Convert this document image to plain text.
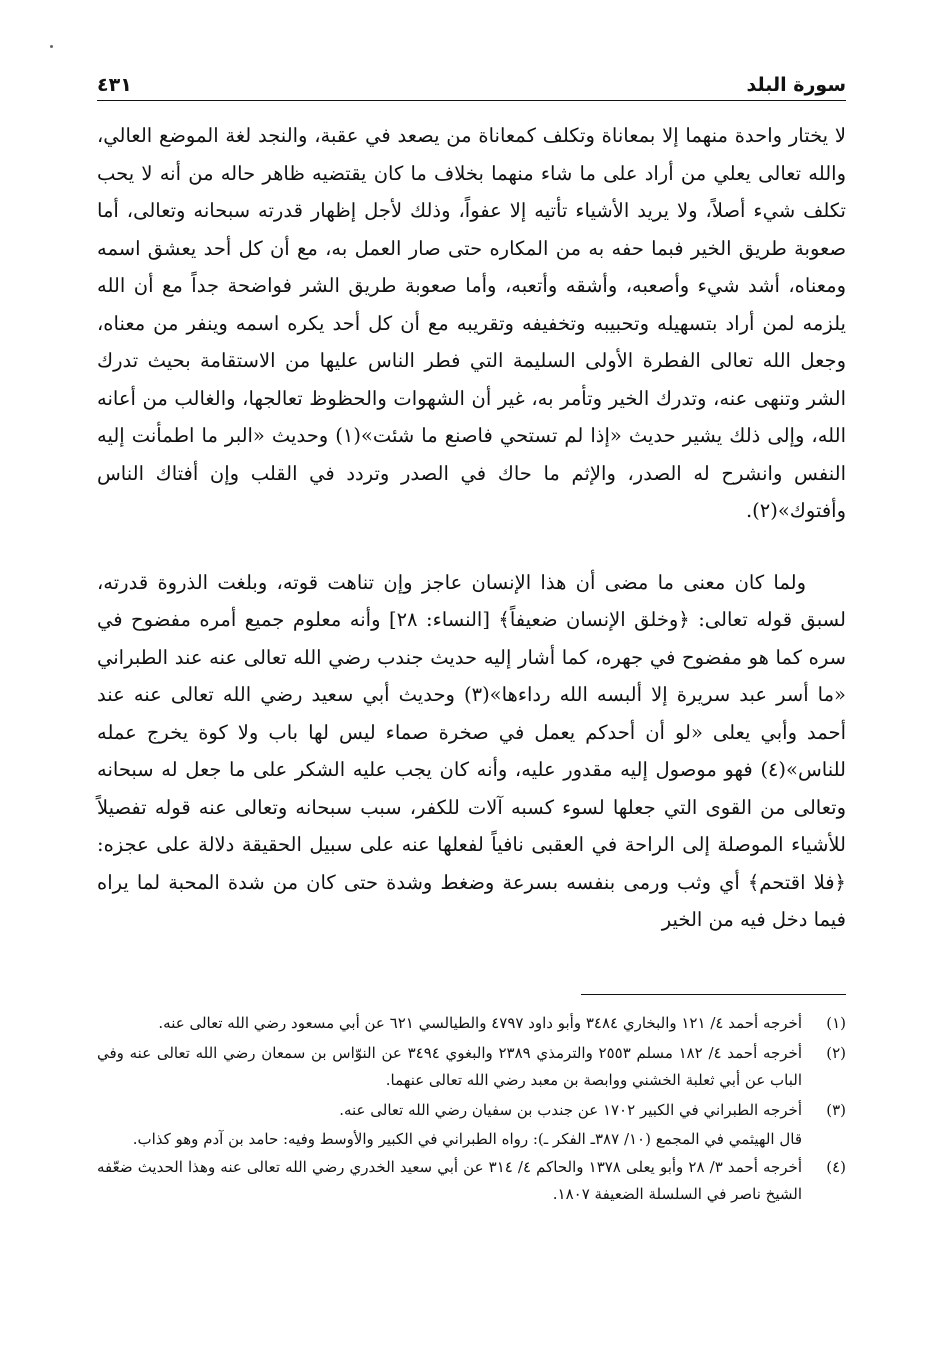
سورة البلد
٤٣١

لا يختار واحدة منهما إلا بمعاناة وتكلف كمعاناة من يصعد في عقبة، والنجد لغة الموضع العالي، والله تعالى يعلي من أراد على ما شاء منهما بخلاف ما كان يقتضيه ظاهر حاله من أنه لا يحب تكلف شيء أصلاً، ولا يريد الأشياء تأتيه إلا عفواً، وذلك لأجل إظهار قدرته سبحانه وتعالى، أما صعوبة طريق الخير فبما حفه به من المكاره حتى صار العمل به، مع أن كل أحد يعشق اسمه ومعناه، أشد شيء وأصعبه، وأشقه وأتعبه، وأما صعوبة طريق الشر فواضحة جداً مع أن الله يلزمه لمن أراد بتسهيله وتحبيبه وتخفيفه وتقريبه مع أن كل أحد يكره اسمه وينفر من معناه، وجعل الله تعالى الفطرة الأولى السليمة التي فطر الناس عليها من الاستقامة بحيث تدرك الشر وتنهى عنه، وتدرك الخير وتأمر به، غير أن الشهوات والحظوظ تعالجها، والغالب من أعانه الله، وإلى ذلك يشير حديث «إذا لم تستحي فاصنع ما شئت»(١) وحديث «البر ما اطمأنت إليه النفس وانشرح له الصدر، والإثم ما حاك في الصدر وتردد في القلب وإن أفتاك الناس وأفتوك»(٢).

ولما كان معنى ما مضى أن هذا الإنسان عاجز وإن تناهت قوته، وبلغت الذروة قدرته، لسبق قوله تعالى: ﴿وخلق الإنسان ضعيفاً﴾ [النساء: ٢٨] وأنه معلوم جميع أمره مفضوح في سره كما هو مفضوح في جهره، كما أشار إليه حديث جندب رضي الله تعالى عنه عند الطبراني «ما أسر عبد سريرة إلا ألبسه الله رداءها»(٣) وحديث أبي سعيد رضي الله تعالى عنه عند أحمد وأبي يعلى «لو أن أحدكم يعمل في صخرة صماء ليس لها باب ولا كوة يخرج عمله للناس»(٤) فهو موصول إليه مقدور عليه، وأنه كان يجب عليه الشكر على ما جعل له سبحانه وتعالى من القوى التي جعلها لسوء كسبه آلات للكفر، سبب سبحانه وتعالى عنه قوله تفصيلاً للأشياء الموصلة إلى الراحة في العقبى نافياً لفعلها عنه على سبيل الحقيقة دلالة على عجزه: ﴿فلا اقتحم﴾ أي وثب ورمى بنفسه بسرعة وضغط وشدة حتى كان من شدة المحبة لما يراه فيما دخل فيه من الخير

(١)
أخرجه أحمد ٤/ ١٢١ والبخاري ٣٤٨٤ وأبو داود ٤٧٩٧ والطيالسي ٦٢١ عن أبي مسعود رضي الله تعالى عنه.
(٢)
أخرجه أحمد ٤/ ١٨٢ مسلم ٢٥٥٣ والترمذي ٢٣٨٩ والبغوي ٣٤٩٤ عن النوّاس بن سمعان رضي الله تعالى عنه وفي الباب عن أبي ثعلبة الخشني ووابصة بن معبد رضي الله تعالى عنهما.
(٣)
أخرجه الطبراني في الكبير ١٧٠٢ عن جندب بن سفيان رضي الله تعالى عنه.
قال الهيثمي في المجمع (١٠/ ٣٨٧ـ الفكر ـ): رواه الطبراني في الكبير والأوسط وفيه: حامد بن آدم وهو كذاب.
(٤)
أخرجه أحمد ٣/ ٢٨ وأبو يعلى ١٣٧٨ والحاكم ٤/ ٣١٤ عن أبي سعيد الخدري رضي الله تعالى عنه وهذا الحديث ضعّفه الشيخ ناصر في السلسلة الضعيفة ١٨٠٧.
